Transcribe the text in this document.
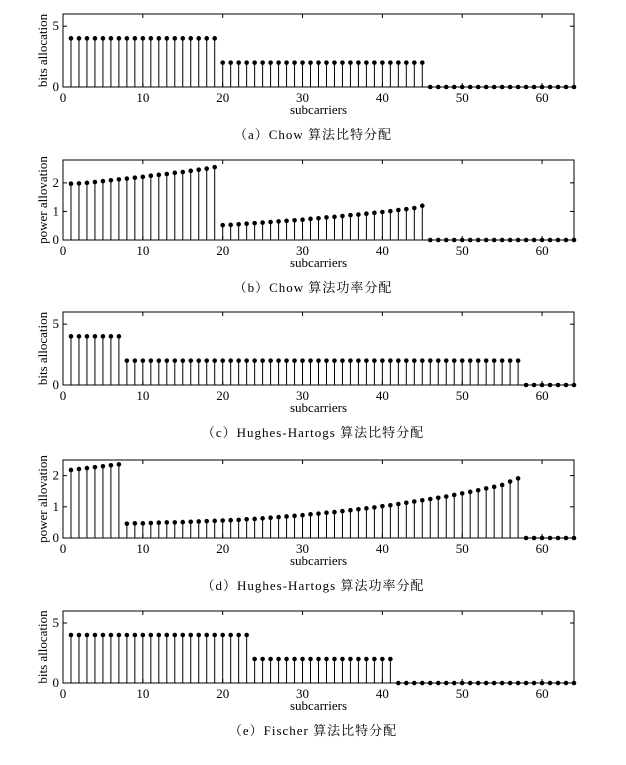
0	10	20	30	40	50	60
0
5
bits allocation
subcarriers
（a）Chow 算法比特分配
0	10	20	30	40	50	60
0
1
2
power allovation
subcarriers
（b）Chow 算法功率分配
0	10	20	30	40	50	60
0
5
bits allocation
subcarriers
（c）Hughes-Hartogs 算法比特分配
0	10	20	30	40	50	60
0
1
2
power allovation
subcarriers
（d）Hughes-Hartogs 算法功率分配
0	10	20	30	40	50	60
0
5
bits allocation
subcarriers
（e）Fischer 算法比特分配
